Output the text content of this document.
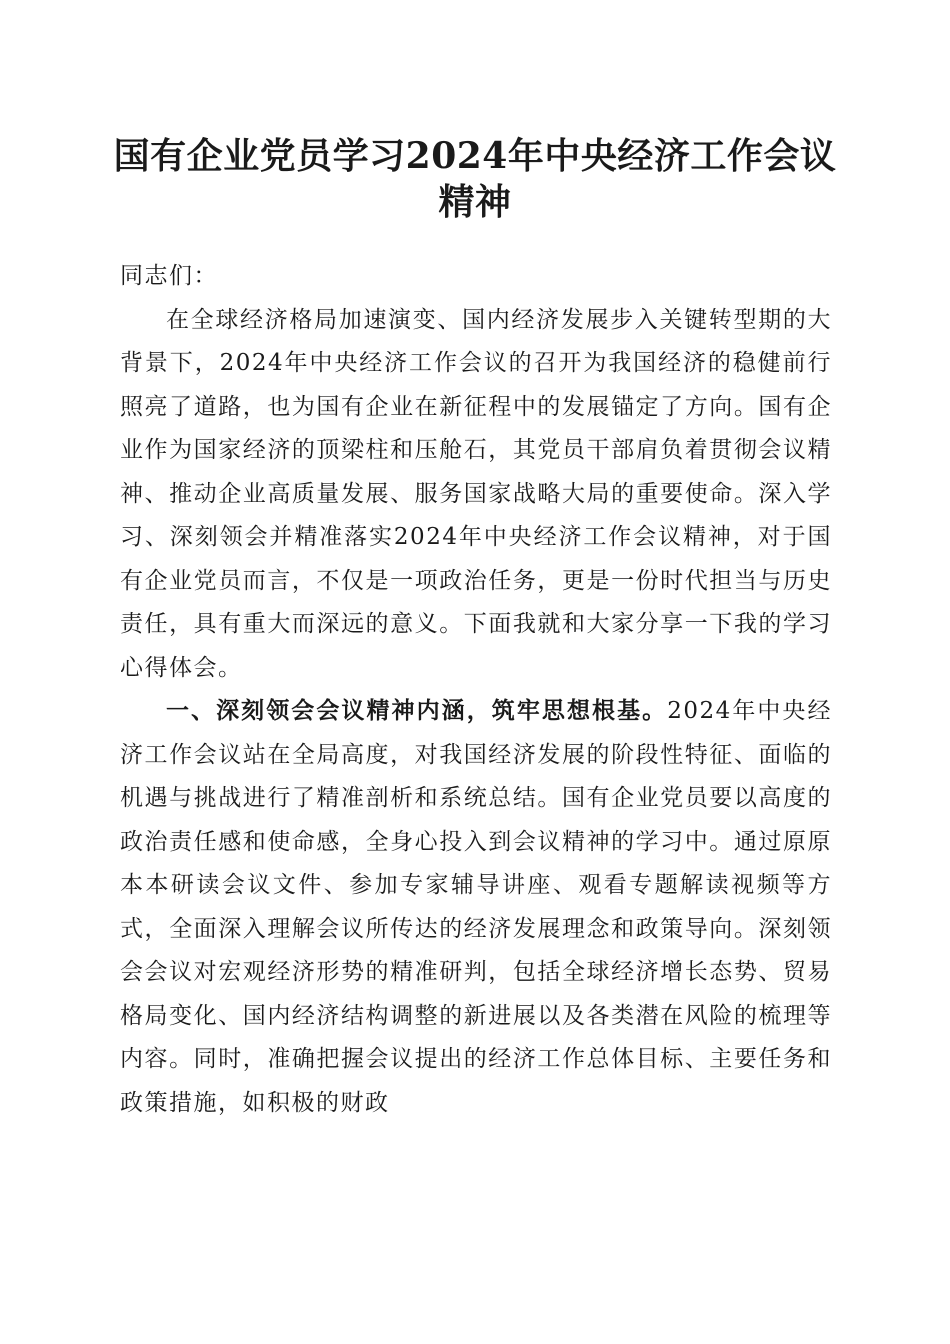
国有企业党员学习2024年中央经济工作会议精神

同志们：

在全球经济格局加速演变、国内经济发展步入关键转型期的大背景下，2024年中央经济工作会议的召开为我国经济的稳健前行照亮了道路，也为国有企业在新征程中的发展锚定了方向。国有企业作为国家经济的顶梁柱和压舱石，其党员干部肩负着贯彻会议精神、推动企业高质量发展、服务国家战略大局的重要使命。深入学习、深刻领会并精准落实2024年中央经济工作会议精神，对于国有企业党员而言，不仅是一项政治任务，更是一份时代担当与历史责任，具有重大而深远的意义。下面我就和大家分享一下我的学习心得体会。

一、深刻领会会议精神内涵，筑牢思想根基。2024年中央经济工作会议站在全局高度，对我国经济发展的阶段性特征、面临的机遇与挑战进行了精准剖析和系统总结。国有企业党员要以高度的政治责任感和使命感，全身心投入到会议精神的学习中。通过原原本本研读会议文件、参加专家辅导讲座、观看专题解读视频等方式，全面深入理解会议所传达的经济发展理念和政策导向。深刻领会会议对宏观经济形势的精准研判，包括全球经济增长态势、贸易格局变化、国内经济结构调整的新进展以及各类潜在风险的梳理等内容。同时，准确把握会议提出的经济工作总体目标、主要任务和政策措施，如积极的财政
